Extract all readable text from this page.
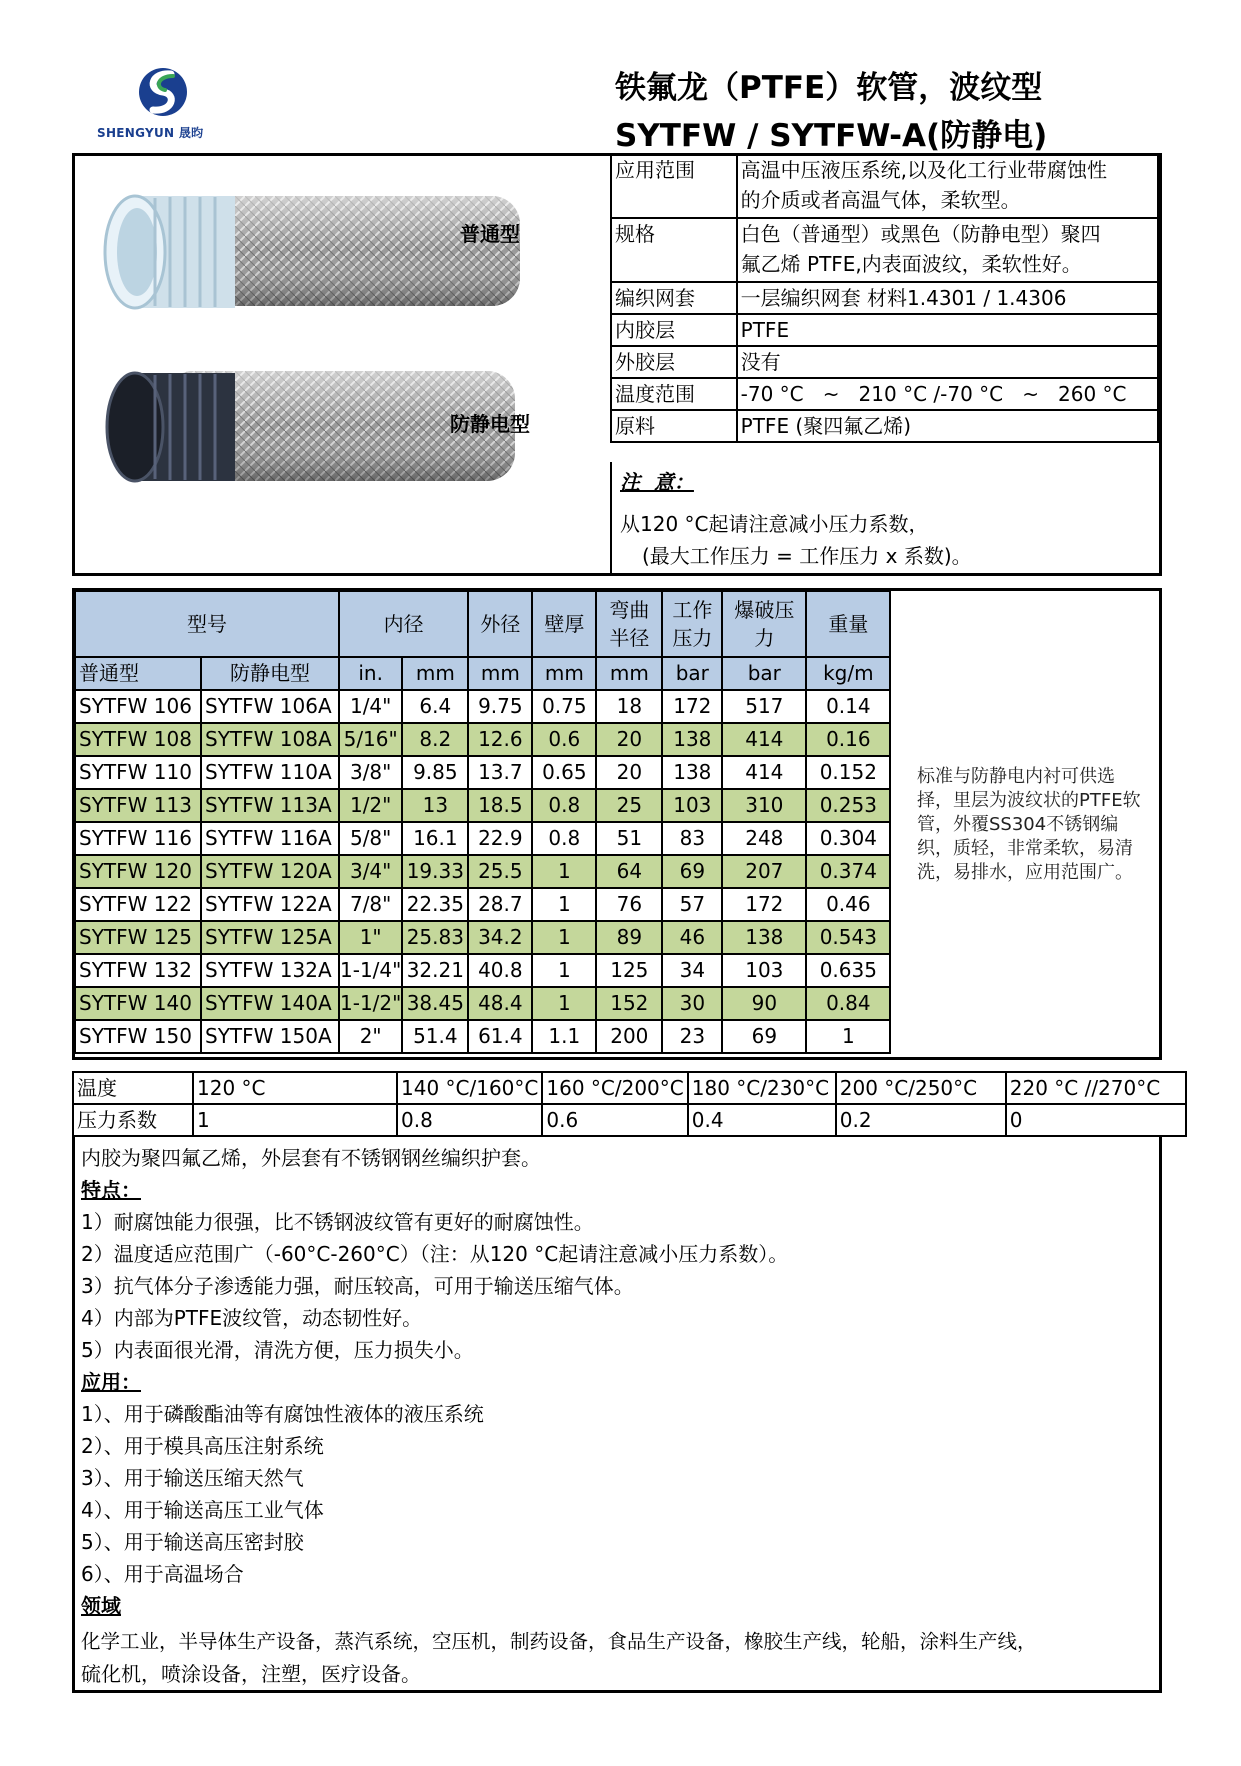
SHENGYUN 晟昀
铁氟龙（PTFE）软管，波纹型
SYTFW / SYTFW-A(防静电)
普通型
防静电型
应用范围	高温中压液压系统,以及化工行业带腐蚀性
的介质或者高温气体，柔软型。
规格	白色（普通型）或黑色（防静电型）聚四
氟乙烯 PTFE,内表面波纹，柔软性好。
编织网套	一层编织网套 材料1.4301 / 1.4306
内胶层	PTFE
外胶层	没有
温度范围	-70 °C   ~   210 °C /-70 °C   ~   260 °C
原料	PTFE (聚四氟乙烯)
注  意：
从120 °C起请注意减小压力系数，
(最大工作压力 = 工作压力 x 系数)。
型号		内径		外径	壁厚	弯曲半径	工作压力	爆破压力	重量
普通型	防静电型	in.	mm	mm	mm	mm	bar	bar	kg/m
SYTFW 106	SYTFW 106A	1/4"	6.4	9.75	0.75	18	172	517	0.14
SYTFW 108	SYTFW 108A	5/16"	8.2	12.6	0.6	20	138	414	0.16
SYTFW 110	SYTFW 110A	3/8"	9.85	13.7	0.65	20	138	414	0.152
SYTFW 113	SYTFW 113A	1/2"	13	18.5	0.8	25	103	310	0.253
SYTFW 116	SYTFW 116A	5/8"	16.1	22.9	0.8	51	83	248	0.304
SYTFW 120	SYTFW 120A	3/4"	19.33	25.5	1	64	69	207	0.374
SYTFW 122	SYTFW 122A	7/8"	22.35	28.7	1	76	57	172	0.46
SYTFW 125	SYTFW 125A	1"	25.83	34.2	1	89	46	138	0.543
SYTFW 132	SYTFW 132A	1-1/4"	32.21	40.8	1	125	34	103	0.635
SYTFW 140	SYTFW 140A	1-1/2"	38.45	48.4	1	152	30	90	0.84
SYTFW 150	SYTFW 150A	2"	51.4	61.4	1.1	200	23	69	1
标准与防静电内衬可供选择，里层为波纹状的PTFE软管，外覆SS304不锈钢编织，质轻，非常柔软，易清洗，易排水，应用范围广。
温度	120 °C	140 °C/160°C	160 °C/200°C	180 °C/230°C	200 °C/250°C	220 °C //270°C
压力系数	1	0.8	0.6	0.4	0.2	0
内胶为聚四氟乙烯，外层套有不锈钢钢丝编织护套。
特点：
1）耐腐蚀能力很强，比不锈钢波纹管有更好的耐腐蚀性。
2）温度适应范围广（-60°C-260°C）（注：从120 °C起请注意减小压力系数）。
3）抗气体分子渗透能力强，耐压较高，可用于输送压缩气体。
4）内部为PTFE波纹管，动态韧性好。
5）内表面很光滑，清洗方便，压力损失小。
应用：
1）、用于磷酸酯油等有腐蚀性液体的液压系统
2）、用于模具高压注射系统
3）、用于输送压缩天然气
4）、用于输送高压工业气体
5）、用于输送高压密封胶
6）、用于高温场合
领域
化学工业，半导体生产设备，蒸汽系统，空压机，制药设备，食品生产设备，橡胶生产线，轮船，涂料生产线，
硫化机，喷涂设备，注塑，医疗设备。
